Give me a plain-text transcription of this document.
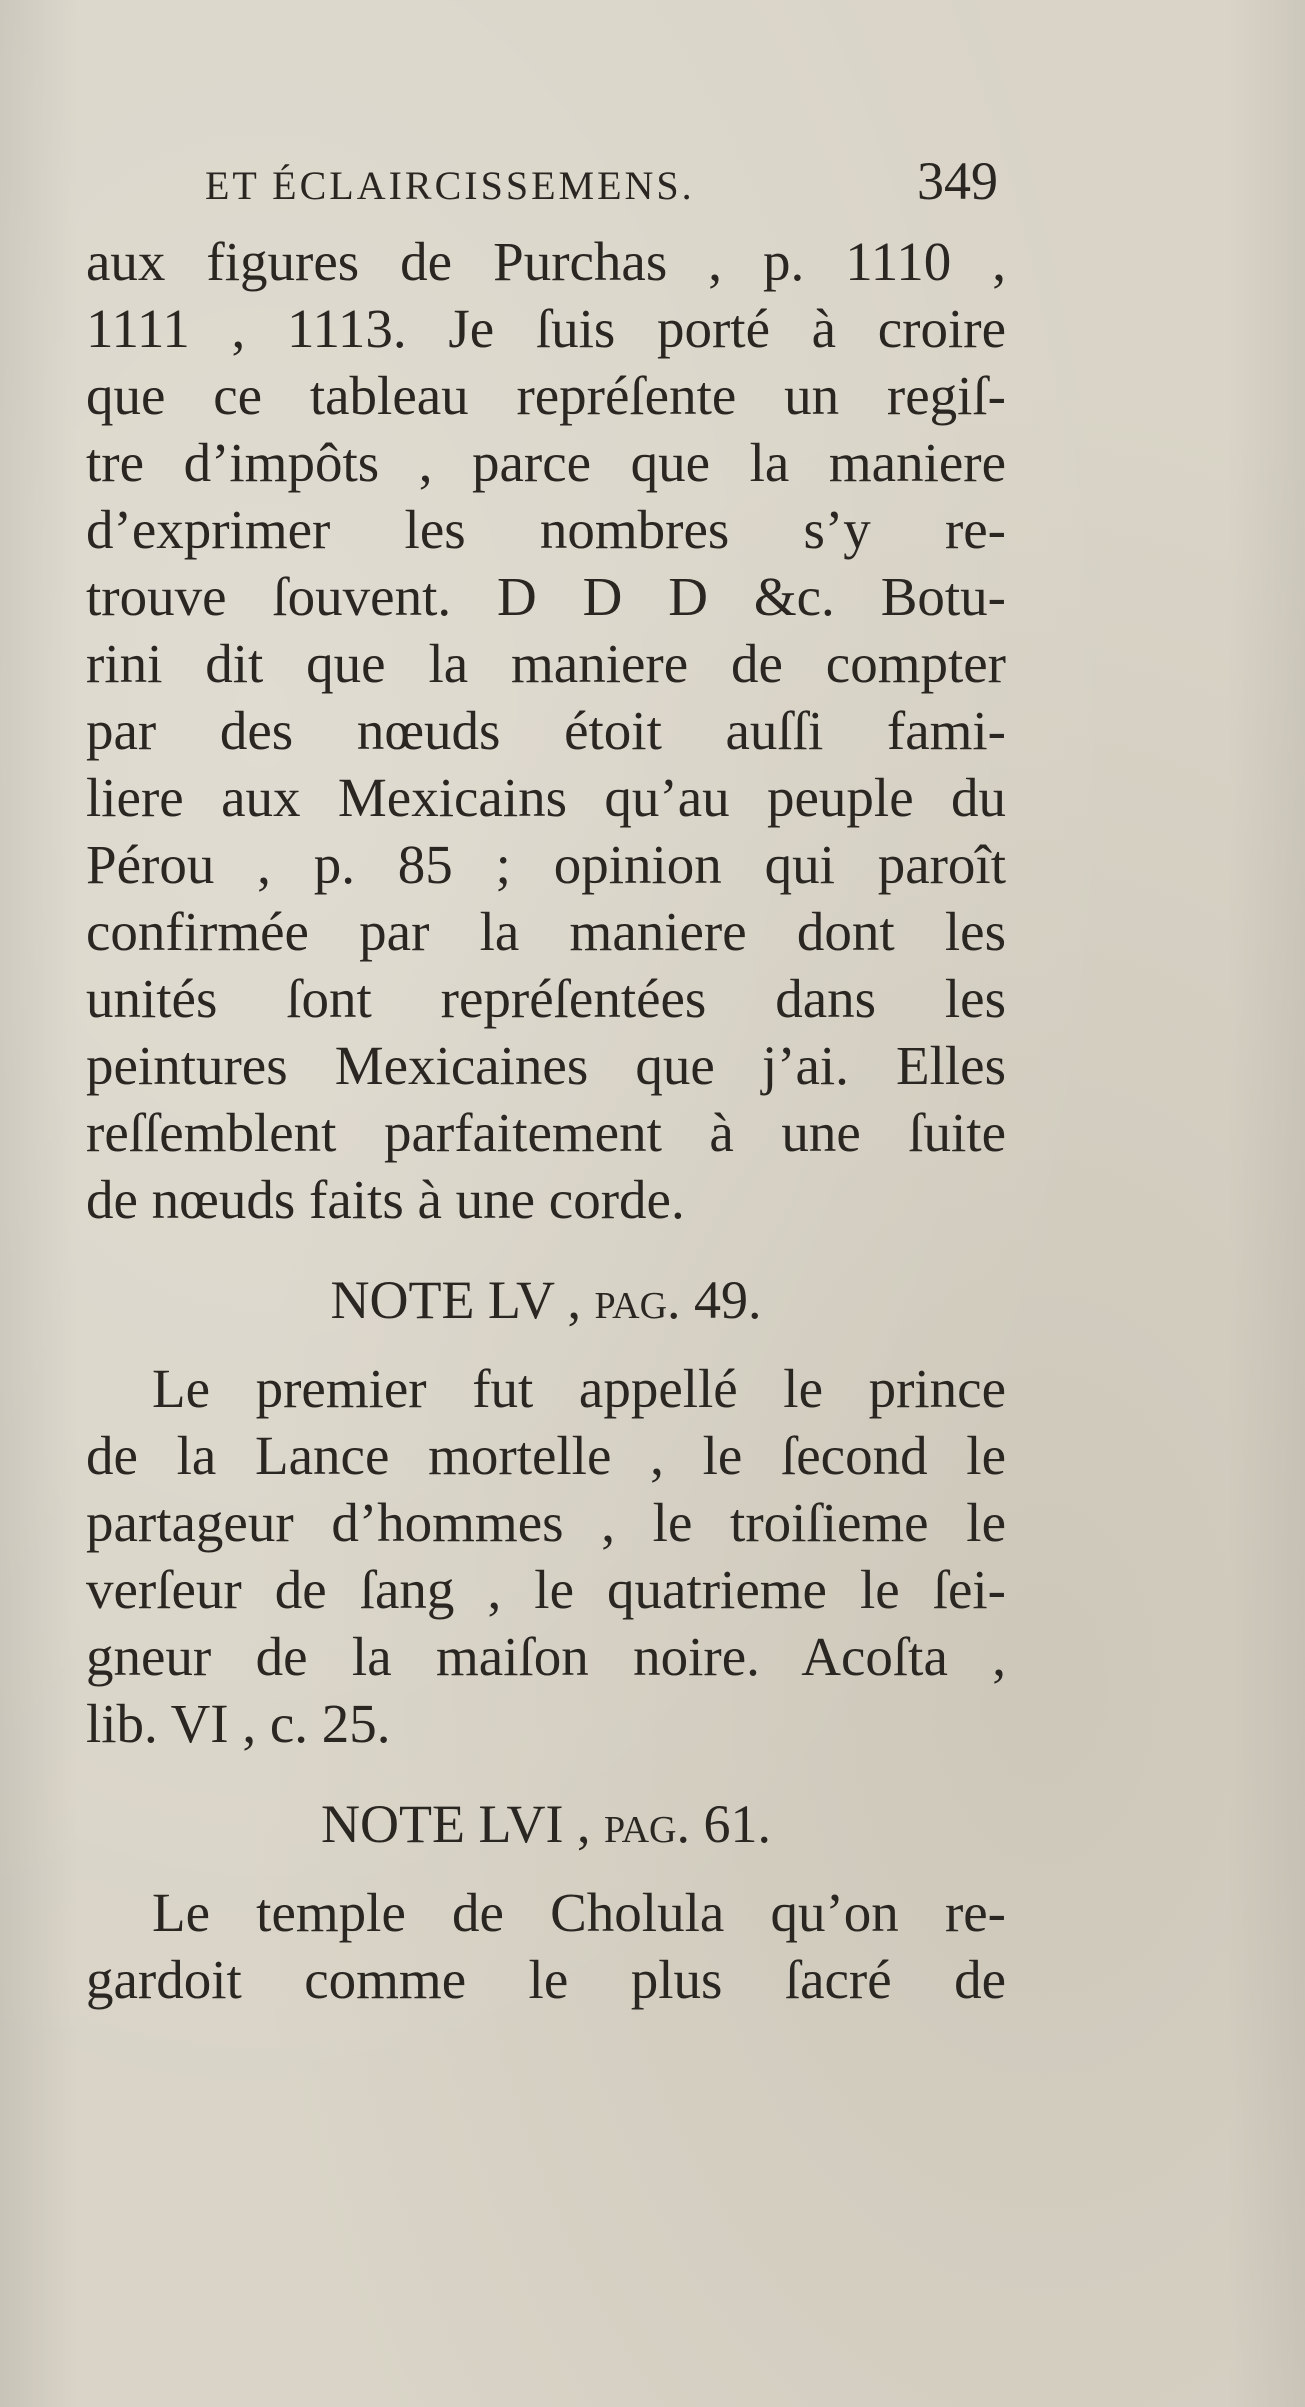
ET ÉCLAIRCISSEMENS.	349
aux figures de Purchas , p. 1110 ,
1111 , 1113. Je ſuis porté à croire
que ce tableau repréſente un regiſ-
tre d’impôts , parce que la maniere
d’exprimer les nombres s’y re-
trouve ſouvent. D D D &c. Botu-
rini dit que la maniere de compter
par des nœuds étoit auſſi fami-
liere aux Mexicains qu’au peuple du
Pérou , p. 85 ; opinion qui paroît
confirmée par la maniere dont les
unités ſont repréſentées dans les
peintures Mexicaines que j’ai. Elles
reſſemblent parfaitement à une ſuite
de nœuds faits à une corde.
NOTE LV , pag. 49.
Le premier fut appellé le prince
de la Lance mortelle , le ſecond le
partageur d’hommes , le troiſieme le
verſeur de ſang , le quatrieme le ſei-
gneur de la maiſon noire. Acoſta ,
lib. VI , c. 25.
NOTE LVI , pag. 61.
Le temple de Cholula qu’on re-
gardoit comme le plus ſacré de
